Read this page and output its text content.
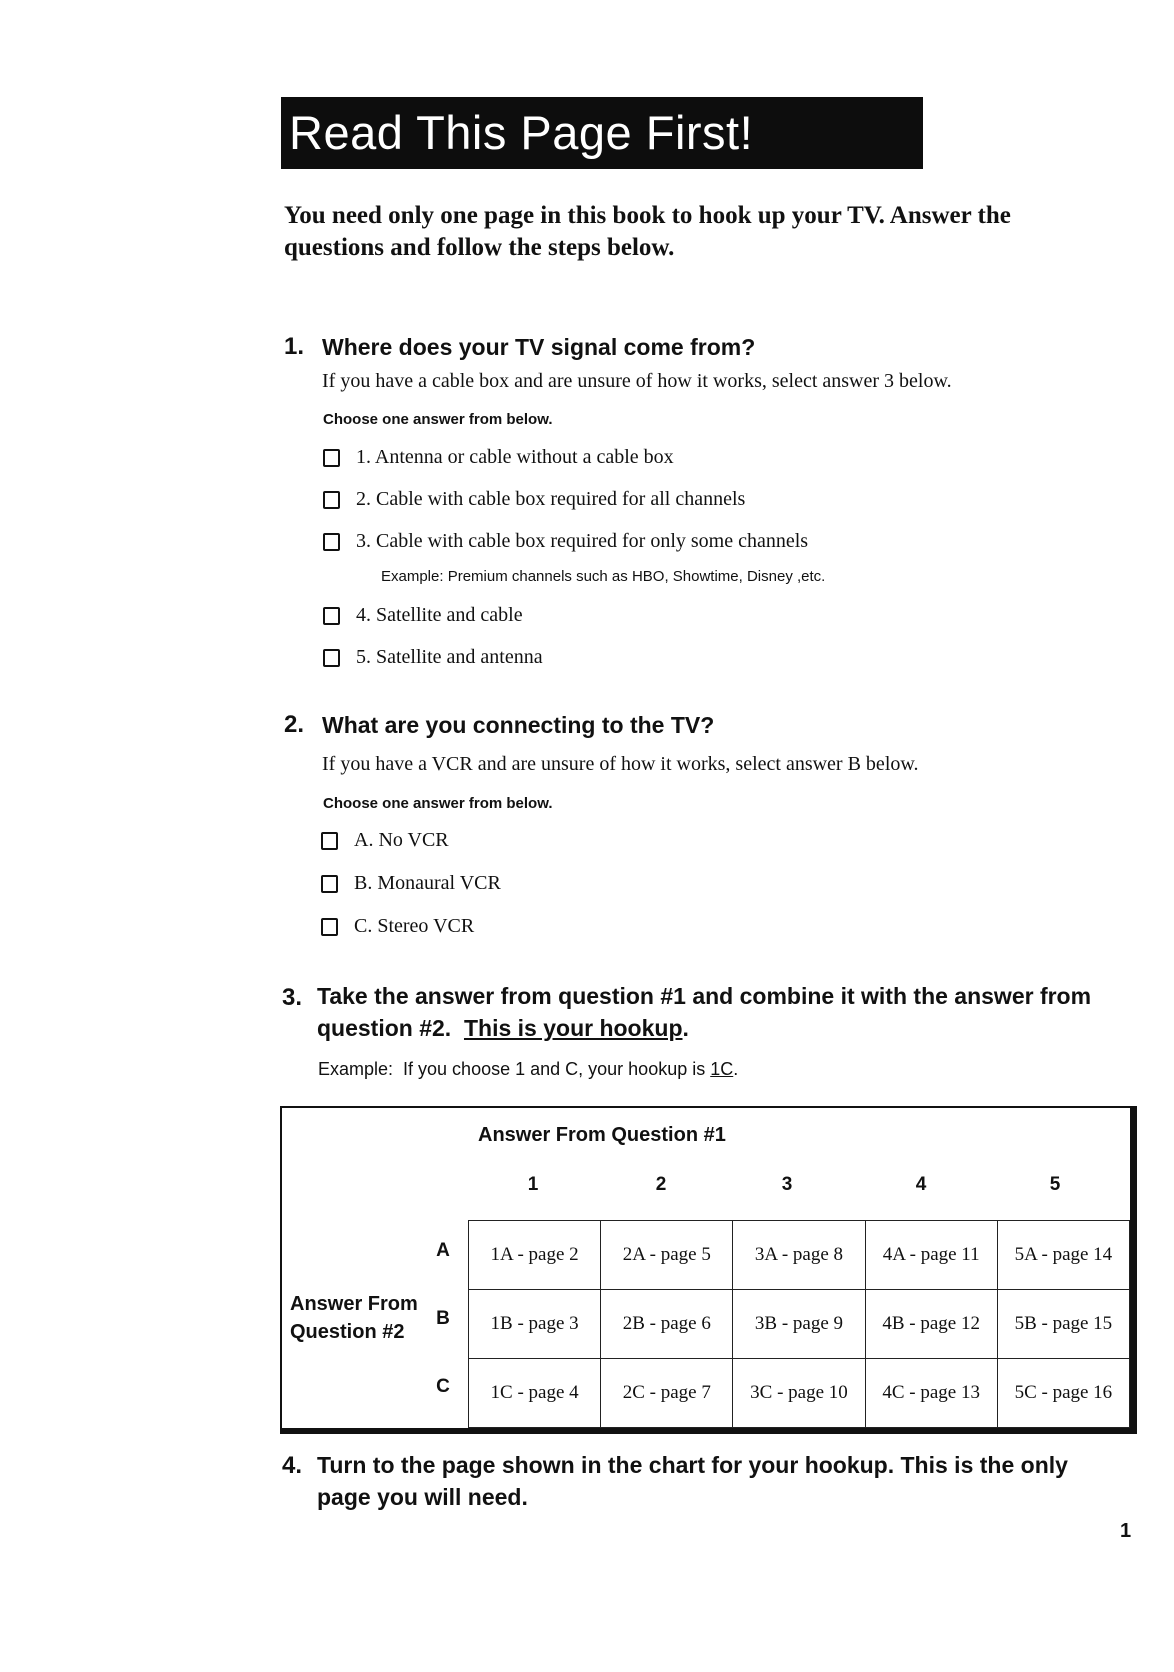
Read This Page First!
You need only one page in this book to hook up your TV. Answer the questions and follow the steps below.
1. Where does your TV signal come from?
If you have a cable box and are unsure of how it works, select answer 3 below.
Choose one answer from below.
1. Antenna or cable without a cable box
2. Cable with cable box required for all channels
3. Cable with cable box required for only some channels
Example: Premium channels such as HBO, Showtime, Disney ,etc.
4. Satellite and cable
5. Satellite and antenna
2. What are you connecting to the TV?
If you have a VCR and are unsure of how it works, select answer B below.
Choose one answer from below.
A. No VCR
B. Monaural VCR
C. Stereo VCR
3. Take the answer from question #1 and combine it with the answer from
question #2.  This is your hookup.
Example:  If you choose 1 and C, your hookup is 1C.
Answer From Question #1
1	2	3	4	5
Answer From
Question #2
A
B
C
1A - page 2	2A - page 5	3A - page 8	4A - page 11	5A - page 14
1B - page 3	2B - page 6	3B - page 9	4B - page 12	5B - page 15
1C - page 4	2C - page 7	3C - page 10	4C - page 13	5C - page 16
4. Turn to the page shown in the chart for your hookup. This is the only
page you will need.
1
